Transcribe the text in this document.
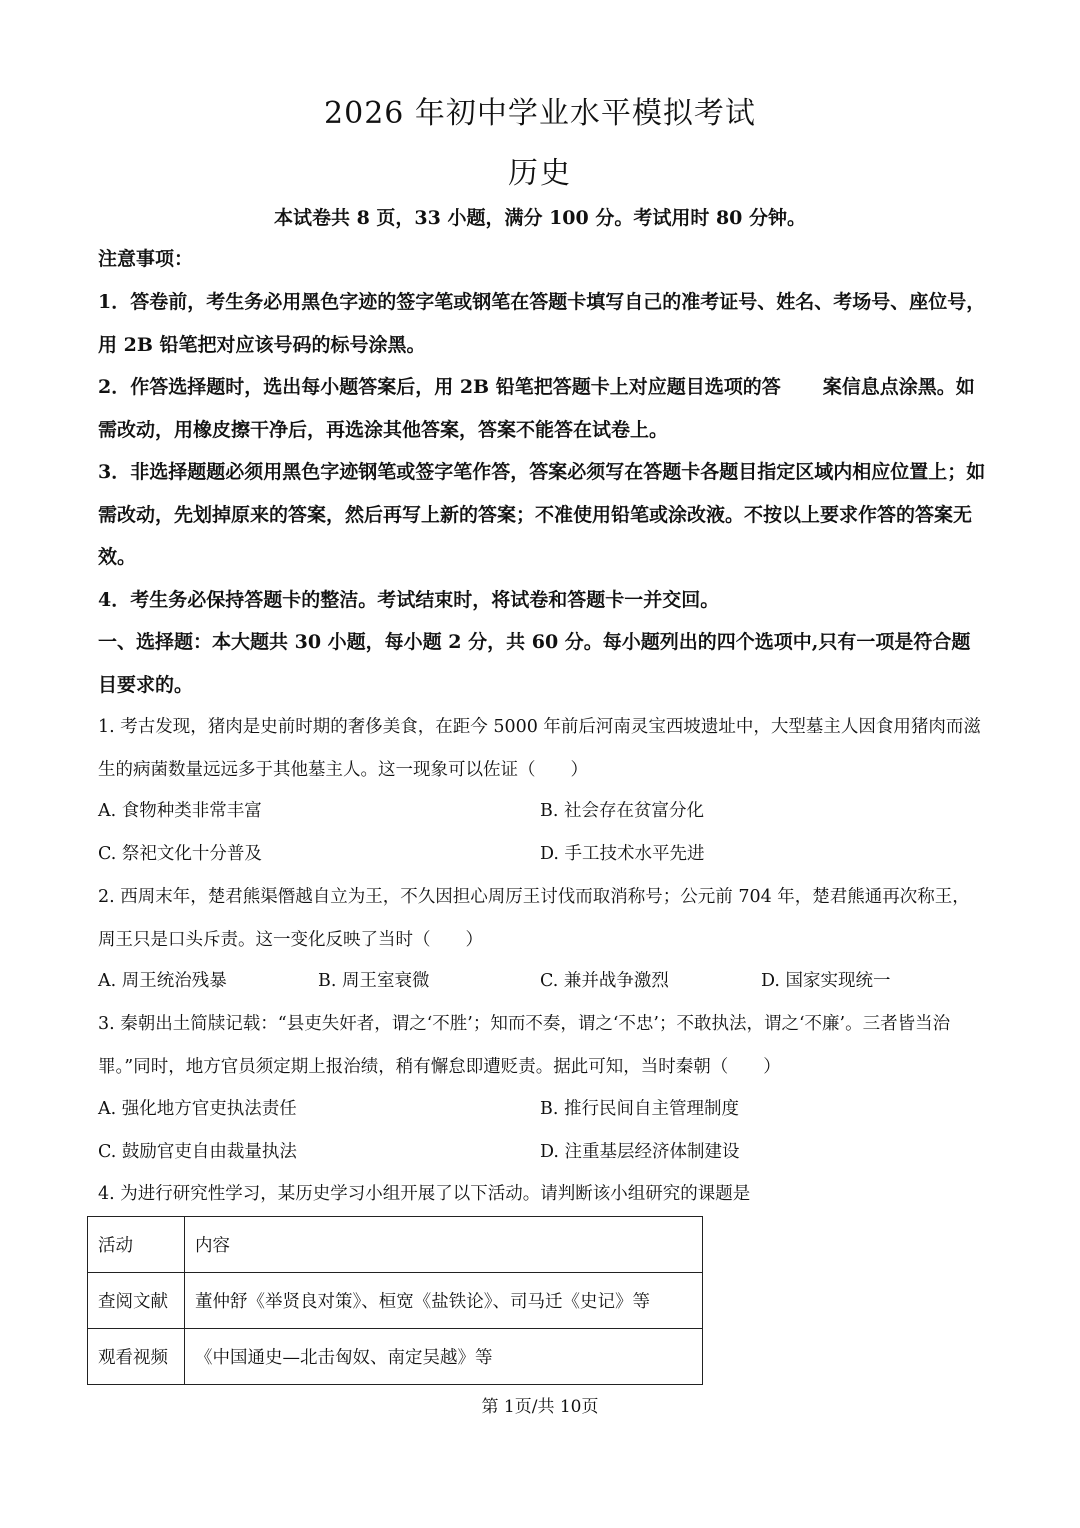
2026 年初中学业水平模拟考试
历史
本试卷共 8 页，33 小题，满分 100 分。考试用时 80 分钟。
注意事项：
1．答卷前，考生务必用黑色字迹的签字笔或钢笔在答题卡填写自己的准考证号、姓名、考场号、座位号，用 2B 铅笔把对应该号码的标号涂黑。
2．作答选择题时，选出每小题答案后，用 2B 铅笔把答题卡上对应题目选项的答 案信息点涂黑。如需改动，用橡皮擦干净后，再选涂其他答案，答案不能答在试卷上。
3．非选择题题必须用黑色字迹钢笔或签字笔作答，答案必须写在答题卡各题目指定区域内相应位置上；如需改动，先划掉原来的答案，然后再写上新的答案；不准使用铅笔或涂改液。不按以上要求作答的答案无效。
4．考生务必保持答题卡的整洁。考试结束时，将试卷和答题卡一并交回。
一、选择题：本大题共 30 小题，每小题 2 分，共 60 分。每小题列出的四个选项中,只有一项是符合题目要求的。
1. 考古发现，猪肉是史前时期的奢侈美食，在距今 5000 年前后河南灵宝西坡遗址中，大型墓主人因食用猪肉而滋生的病菌数量远远多于其他墓主人。这一现象可以佐证（　　）
A. 食物种类非常丰富	B. 社会存在贫富分化
C. 祭祀文化十分普及	D. 手工技术水平先进
2. 西周末年，楚君熊渠僭越自立为王，不久因担心周厉王讨伐而取消称号；公元前 704 年，楚君熊通再次称王，周王只是口头斥责。这一变化反映了当时（　　）
A. 周王统治残暴	B. 周王室衰微	C. 兼并战争激烈	D. 国家实现统一
3. 秦朝出土简牍记载：“县吏失奸者，谓之‘不胜’；知而不奏，谓之‘不忠’；不敢执法，谓之‘不廉’。三者皆当治罪。”同时，地方官员须定期上报治绩，稍有懈怠即遭贬责。据此可知，当时秦朝（　　）
A. 强化地方官吏执法责任	B. 推行民间自主管理制度
C. 鼓励官吏自由裁量执法	D. 注重基层经济体制建设
4. 为进行研究性学习，某历史学习小组开展了以下活动。请判断该小组研究的课题是
活动	内容
查阅文献	董仲舒《举贤良对策》、桓宽《盐铁论》、司马迁《史记》等
观看视频	《中国通史—北击匈奴、南定吴越》等
第 1页/共 10页
